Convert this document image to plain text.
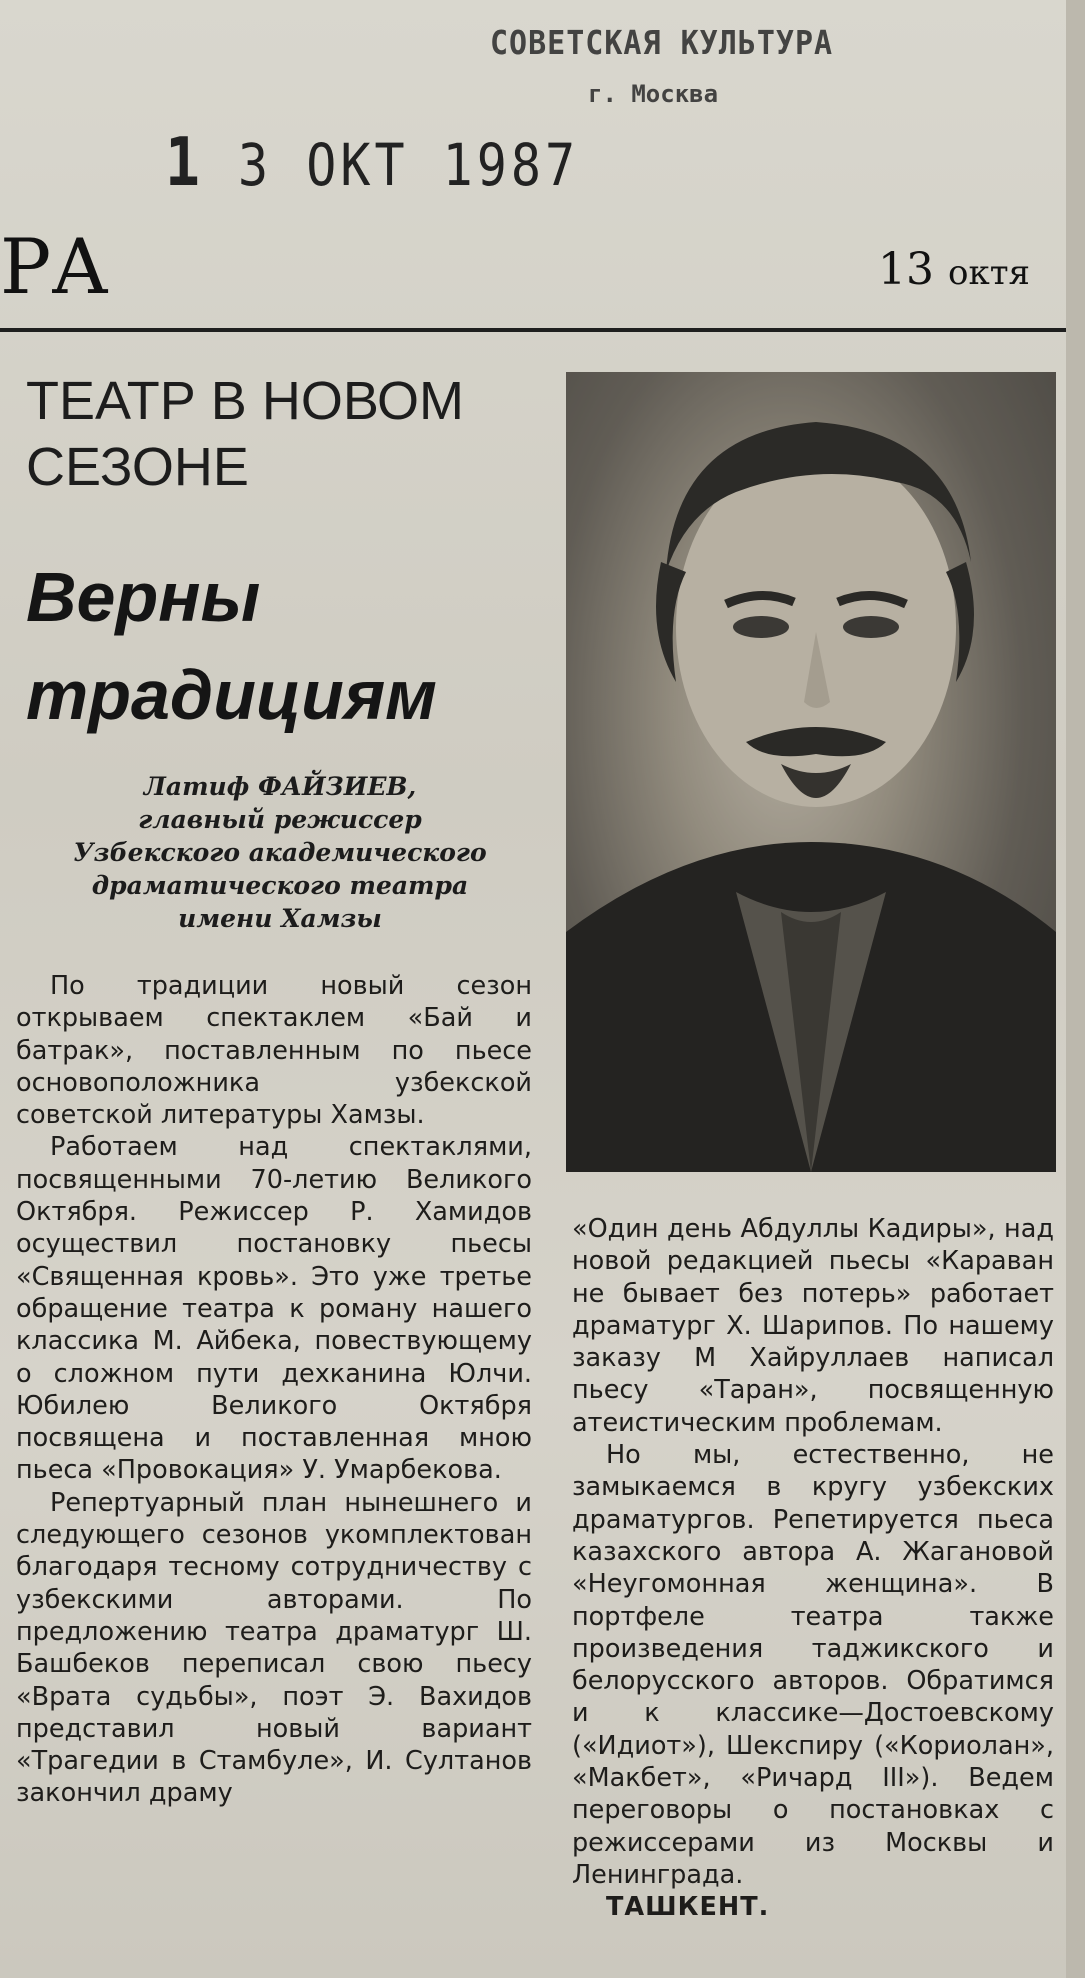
СОВЕТСКАЯ КУЛЬТУРА
г. Москва
1 3 ОКТ 1987
РА	13 октя
ТЕАТР В НОВОМ
СЕЗОНЕ
Верны
традициям
Латиф ФАЙЗИЕВ,
главный режиссер
Узбекского академического
драматического театра
имени Хамзы

По традиции новый сезон открываем спектаклем «Бай и батрак», поставленным по пьесе основоположника узбекской советской литературы Хамзы.

Работаем над спектаклями, посвященными 70-летию Великого Октября. Режиссер Р. Хамидов осуществил постановку пьесы «Священная кровь». Это уже третье обращение театра к роману нашего классика М. Айбека, повествующему о сложном пути дехканина Юлчи. Юбилею Великого Октября посвящена и поставленная мною пьеса «Провокация» У. Умарбекова.

Репертуарный план нынешнего и следующего сезонов укомплектован благодаря тесному сотрудничеству с узбекскими авторами. По предложению театра драматург Ш. Башбеков переписал свою пьесу «Врата судьбы», поэт Э. Вахидов представил новый вариант «Трагедии в Стамбуле», И. Султанов закончил драму

«Один день Абдуллы Кадиры», над новой редакцией пьесы «Караван не бывает без потерь» работает драматург Х. Шарипов. По нашему заказу М Хайруллаев написал пьесу «Таран», посвященную атеистическим проблемам.

Но мы, естественно, не замыкаемся в кругу узбекских драматургов. Репетируется пьеса казахского автора А. Жагановой «Неугомонная женщина». В портфеле театра также произведения таджикского и белорусского авторов. Обратимся и к классике—Достоевскому («Идиот»), Шекспиру («Кориолан», «Макбет», «Ричард III»). Ведем переговоры о постановках с режиссерами из Москвы и Ленинграда.

ТАШКЕНТ.
